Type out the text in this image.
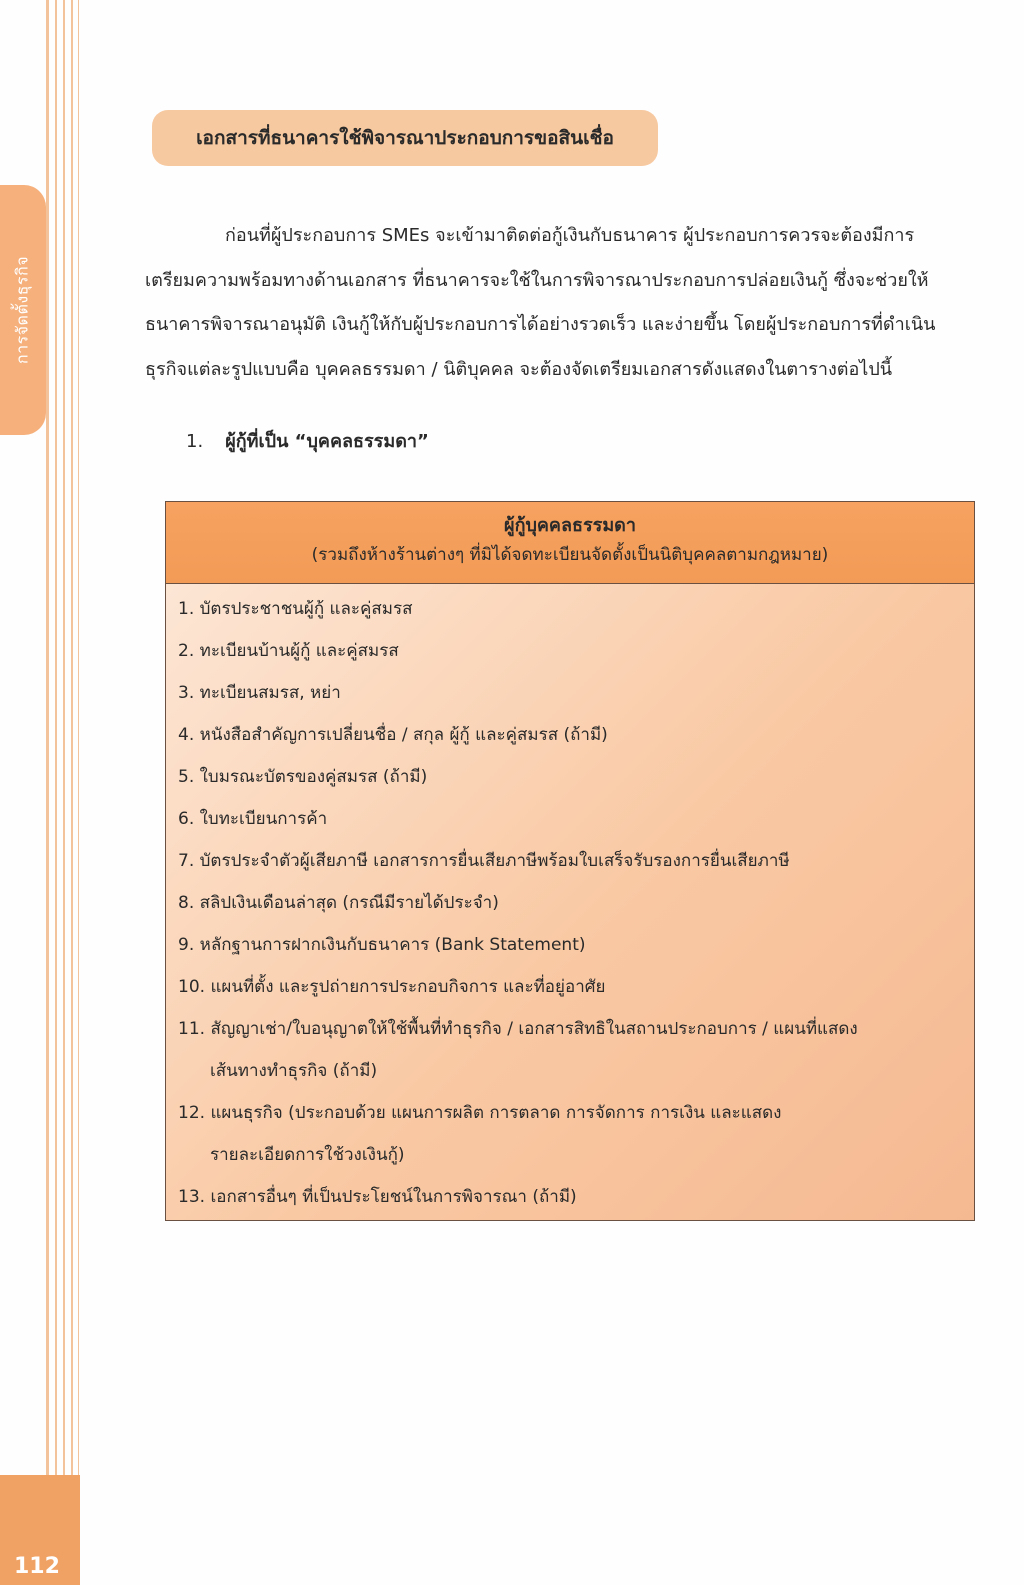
การจัดตั้งธุรกิจ
112
เอกสารที่ธนาคารใช้พิจารณาประกอบการขอสินเชื่อ

ก่อนที่ผู้ประกอบการ SMEs จะเข้ามาติดต่อกู้เงินกับธนาคาร ผู้ประกอบการควรจะต้องมีการ
เตรียมความพร้อมทางด้านเอกสาร ที่ธนาคารจะใช้ในการพิจารณาประกอบการปล่อยเงินกู้ ซึ่งจะช่วยให้
ธนาคารพิจารณาอนุมัติ เงินกู้ให้กับผู้ประกอบการได้อย่างรวดเร็ว และง่ายขึ้น โดยผู้ประกอบการที่ดำเนิน
ธุรกิจแต่ละรูปแบบคือ บุคคลธรรมดา / นิติบุคคล จะต้องจัดเตรียมเอกสารดังแสดงในตารางต่อไปนี้

1. ผู้กู้ที่เป็น “บุคคลธรรมดา”
ผู้กู้บุคคลธรรมดา
(รวมถึงห้างร้านต่างๆ ที่มิได้จดทะเบียนจัดตั้งเป็นนิติบุคคลตามกฎหมาย)
1. บัตรประชาชนผู้กู้ และคู่สมรส
2. ทะเบียนบ้านผู้กู้ และคู่สมรส
3. ทะเบียนสมรส, หย่า
4. หนังสือสำคัญการเปลี่ยนชื่อ / สกุล ผู้กู้ และคู่สมรส (ถ้ามี)
5. ใบมรณะบัตรของคู่สมรส (ถ้ามี)
6. ใบทะเบียนการค้า
7. บัตรประจำตัวผู้เสียภาษี เอกสารการยื่นเสียภาษีพร้อมใบเสร็จรับรองการยื่นเสียภาษี
8. สลิปเงินเดือนล่าสุด (กรณีมีรายได้ประจำ)
9. หลักฐานการฝากเงินกับธนาคาร (Bank Statement)
10. แผนที่ตั้ง และรูปถ่ายการประกอบกิจการ และที่อยู่อาศัย
11. สัญญาเช่า/ใบอนุญาตให้ใช้พื้นที่ทำธุรกิจ / เอกสารสิทธิในสถานประกอบการ / แผนที่แสดง
เส้นทางทำธุรกิจ (ถ้ามี)
12. แผนธุรกิจ (ประกอบด้วย แผนการผลิต การตลาด การจัดการ การเงิน และแสดง
รายละเอียดการใช้วงเงินกู้)
13. เอกสารอื่นๆ ที่เป็นประโยชน์ในการพิจารณา (ถ้ามี)
